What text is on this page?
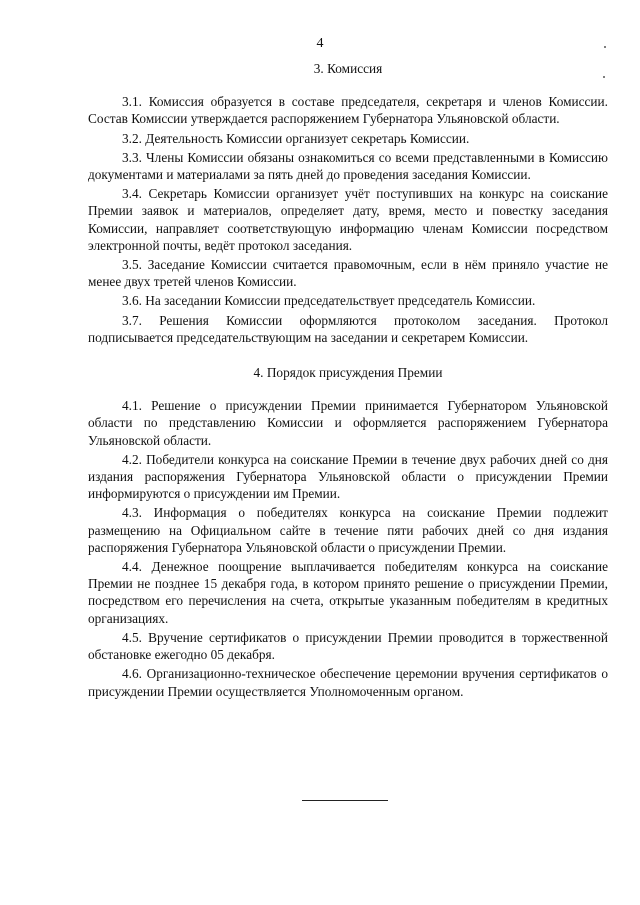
4

3. Комиссия

3.1. Комиссия образуется в составе председателя, секретаря и членов Комиссии. Состав Комиссии утверждается распоряжением Губернатора Ульяновской области.

3.2. Деятельность Комиссии организует секретарь Комиссии.

3.3. Члены Комиссии обязаны ознакомиться со всеми представленными в Комиссию документами и материалами за пять дней до проведения заседания Комиссии.

3.4. Секретарь Комиссии организует учёт поступивших на конкурс на соискание Премии заявок и материалов, определяет дату, время, место и повестку заседания Комиссии, направляет соответствующую информацию членам Комиссии посредством электронной почты, ведёт протокол заседания.

3.5. Заседание Комиссии считается правомочным, если в нём приняло участие не менее двух третей членов Комиссии.

3.6. На заседании Комиссии председательствует председатель Комиссии.

3.7. Решения Комиссии оформляются протоколом заседания. Протокол подписывается председательствующим на заседании и секретарем Комиссии.

4. Порядок присуждения Премии

4.1. Решение о присуждении Премии принимается Губернатором Ульяновской области по представлению Комиссии и оформляется распоряжением Губернатора Ульяновской области.

4.2. Победители конкурса на соискание Премии в течение двух рабочих дней со дня издания распоряжения Губернатора Ульяновской области о присуждении Премии информируются о присуждении им Премии.

4.3. Информация о победителях конкурса на соискание Премии подлежит размещению на Официальном сайте в течение пяти рабочих дней со дня издания распоряжения Губернатора Ульяновской области о присуждении Премии.

4.4. Денежное поощрение выплачивается победителям конкурса на соискание Премии не позднее 15 декабря года, в котором принято решение о присуждении Премии, посредством его перечисления на счета, открытые указанным победителям в кредитных организациях.

4.5. Вручение сертификатов о присуждении Премии проводится в торжественной обстановке ежегодно 05 декабря.

4.6. Организационно-техническое обеспечение церемонии вручения сертификатов о присуждении Премии осуществляется Уполномоченным органом.
